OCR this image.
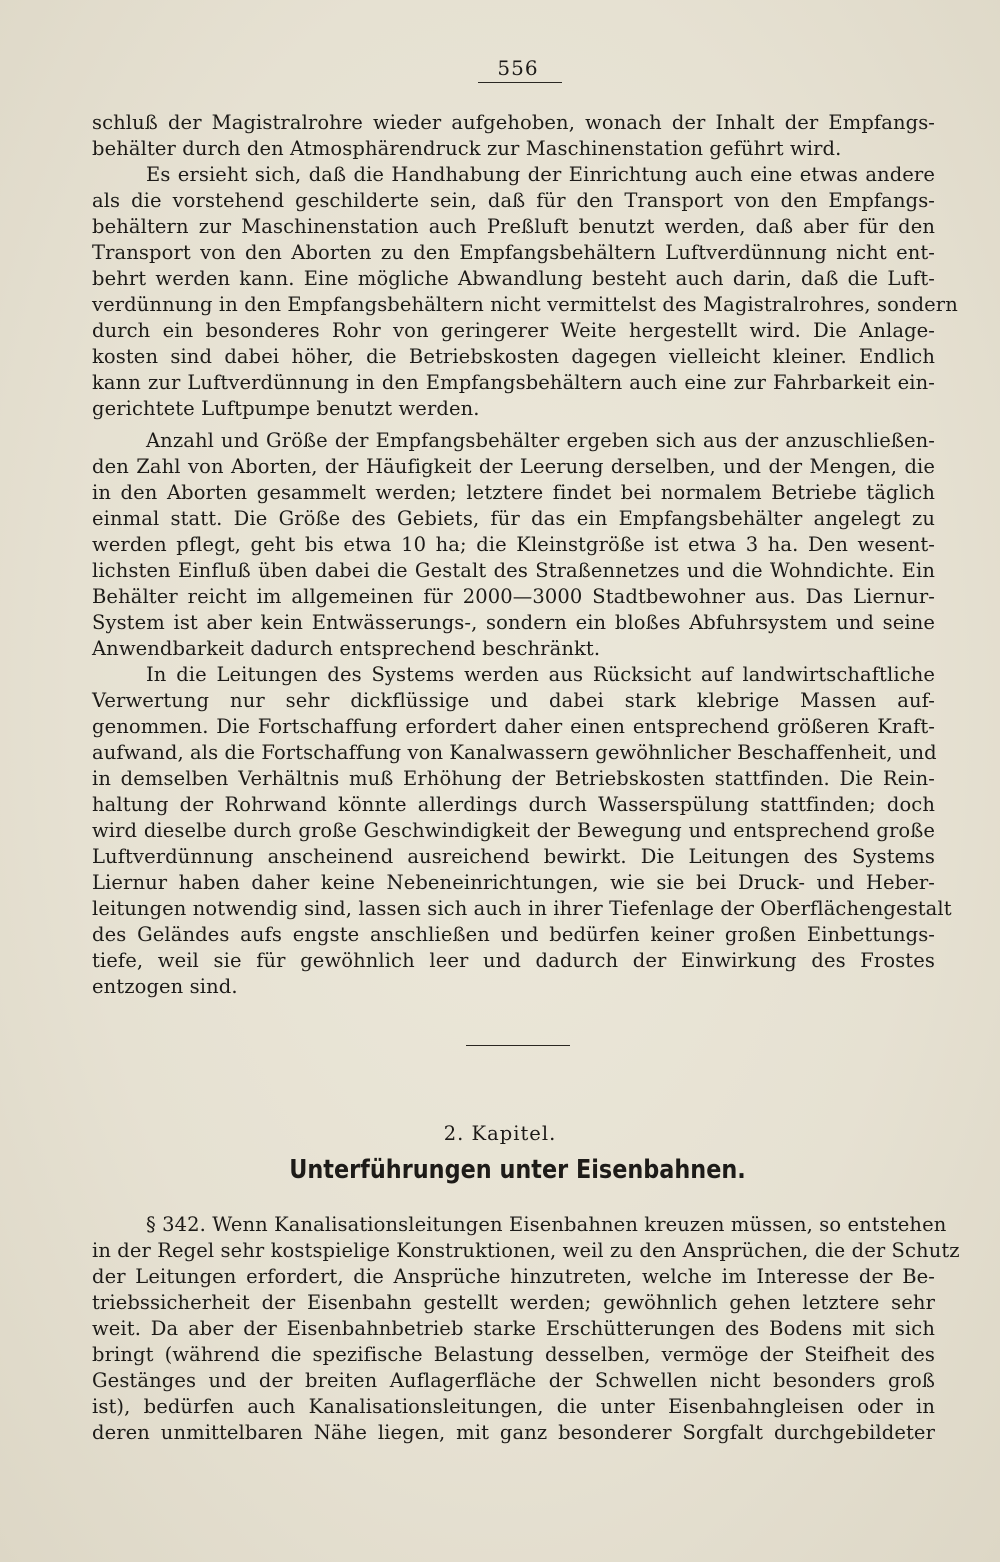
556
schluß der Magistralrohre wieder aufgehoben, wonach der Inhalt der Empfangs-
behälter durch den Atmosphärendruck zur Maschinenstation geführt wird.
Es ersieht sich, daß die Handhabung der Einrichtung auch eine etwas andere
als die vorstehend geschilderte sein, daß für den Transport von den Empfangs-
behältern zur Maschinenstation auch Preßluft benutzt werden, daß aber für den
Transport von den Aborten zu den Empfangsbehältern Luftverdünnung nicht ent-
behrt werden kann. Eine mögliche Abwandlung besteht auch darin, daß die Luft-
verdünnung in den Empfangsbehältern nicht vermittelst des Magistralrohres, sondern
durch ein besonderes Rohr von geringerer Weite hergestellt wird. Die Anlage-
kosten sind dabei höher, die Betriebskosten dagegen vielleicht kleiner. Endlich
kann zur Luftverdünnung in den Empfangsbehältern auch eine zur Fahrbarkeit ein-
gerichtete Luftpumpe benutzt werden.
Anzahl und Größe der Empfangsbehälter ergeben sich aus der anzuschließen-
den Zahl von Aborten, der Häufigkeit der Leerung derselben, und der Mengen, die
in den Aborten gesammelt werden; letztere findet bei normalem Betriebe täglich
einmal statt. Die Größe des Gebiets, für das ein Empfangsbehälter angelegt zu
werden pflegt, geht bis etwa 10 ha; die Kleinstgröße ist etwa 3 ha. Den wesent-
lichsten Einfluß üben dabei die Gestalt des Straßennetzes und die Wohndichte. Ein
Behälter reicht im allgemeinen für 2000—3000 Stadtbewohner aus. Das Liernur-
System ist aber kein Entwässerungs-, sondern ein bloßes Abfuhrsystem und seine
Anwendbarkeit dadurch entsprechend beschränkt.
In die Leitungen des Systems werden aus Rücksicht auf landwirtschaftliche
Verwertung nur sehr dickflüssige und dabei stark klebrige Massen auf-
genommen. Die Fortschaffung erfordert daher einen entsprechend größeren Kraft-
aufwand, als die Fortschaffung von Kanalwassern gewöhnlicher Beschaffenheit, und
in demselben Verhältnis muß Erhöhung der Betriebskosten stattfinden. Die Rein-
haltung der Rohrwand könnte allerdings durch Wasserspülung stattfinden; doch
wird dieselbe durch große Geschwindigkeit der Bewegung und entsprechend große
Luftverdünnung anscheinend ausreichend bewirkt. Die Leitungen des Systems
Liernur haben daher keine Nebeneinrichtungen, wie sie bei Druck- und Heber-
leitungen notwendig sind, lassen sich auch in ihrer Tiefenlage der Oberflächengestalt
des Geländes aufs engste anschließen und bedürfen keiner großen Einbettungs-
tiefe, weil sie für gewöhnlich leer und dadurch der Einwirkung des Frostes
entzogen sind.
2. Kapitel.
Unterführungen unter Eisenbahnen.
§ 342. Wenn Kanalisationsleitungen Eisenbahnen kreuzen müssen, so entstehen
in der Regel sehr kostspielige Konstruktionen, weil zu den Ansprüchen, die der Schutz
der Leitungen erfordert, die Ansprüche hinzutreten, welche im Interesse der Be-
triebssicherheit der Eisenbahn gestellt werden; gewöhnlich gehen letztere sehr
weit. Da aber der Eisenbahnbetrieb starke Erschütterungen des Bodens mit sich
bringt (während die spezifische Belastung desselben, vermöge der Steifheit des
Gestänges und der breiten Auflagerfläche der Schwellen nicht besonders groß
ist), bedürfen auch Kanalisationsleitungen, die unter Eisenbahngleisen oder in
deren unmittelbaren Nähe liegen, mit ganz besonderer Sorgfalt durchgebildeter
